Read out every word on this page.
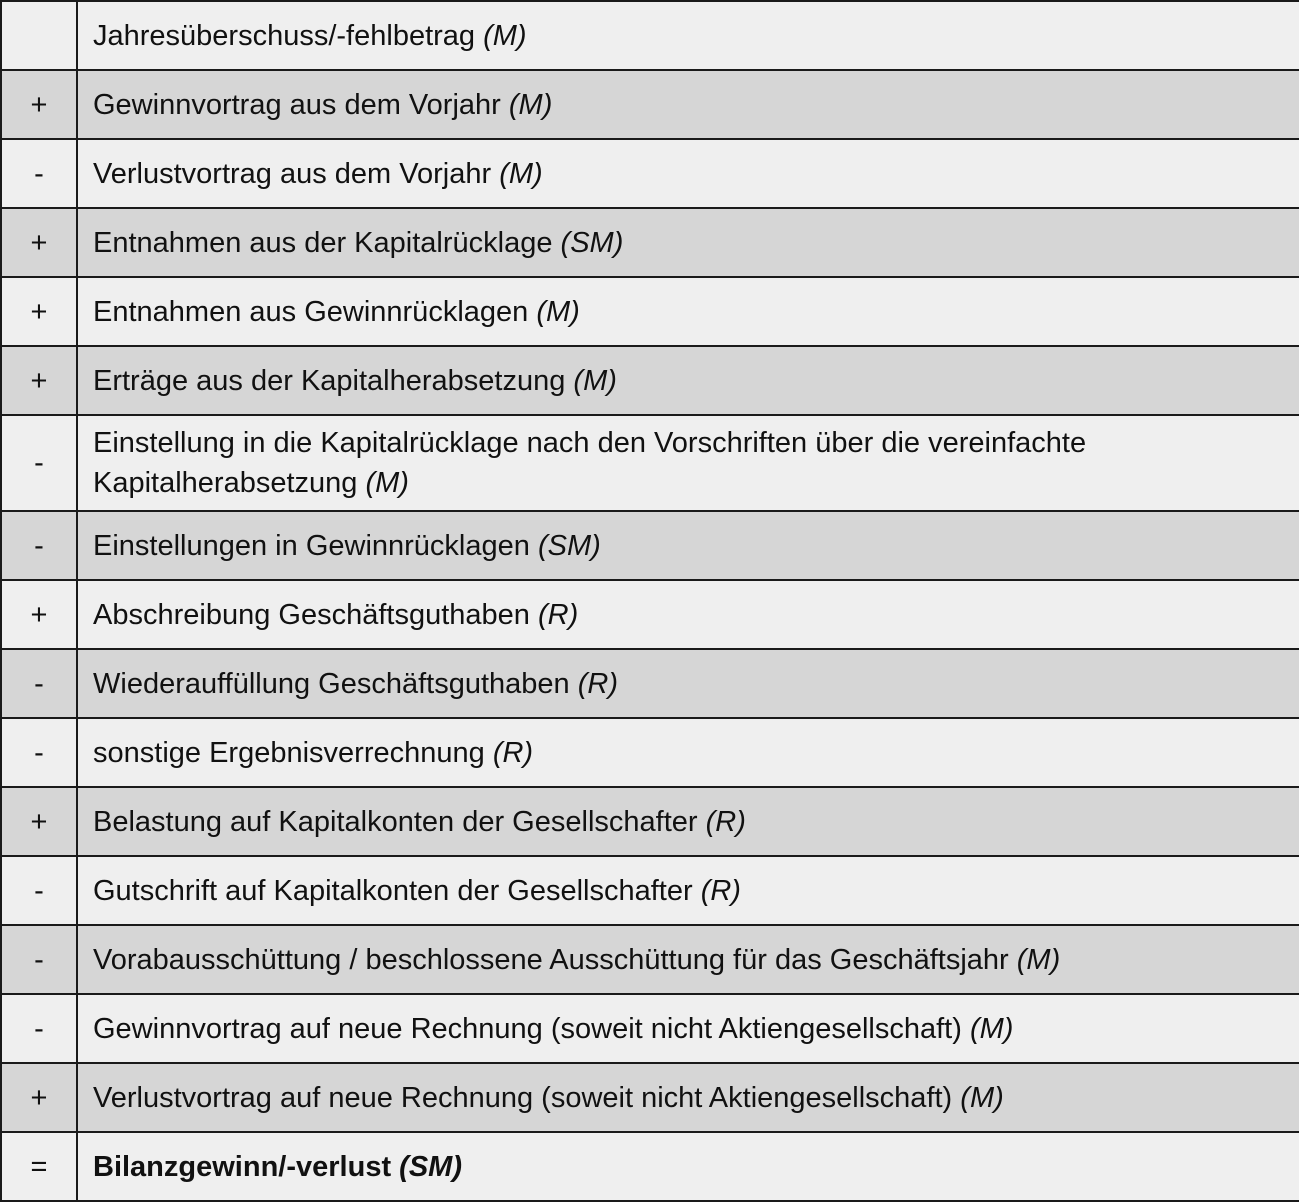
	Jahresüberschuss/-fehlbetrag (M)
+	Gewinnvortrag aus dem Vorjahr (M)
-	Verlustvortrag aus dem Vorjahr (M)
+	Entnahmen aus der Kapitalrücklage (SM)
+	Entnahmen aus Gewinnrücklagen (M)
+	Erträge aus der Kapitalherabsetzung (M)
-	Einstellung in die Kapitalrücklage nach den Vorschriften über die vereinfachte Kapitalherabsetzung (M)
-	Einstellungen in Gewinnrücklagen (SM)
+	Abschreibung Geschäftsguthaben (R)
-	Wiederauffüllung Geschäftsguthaben (R)
-	sonstige Ergebnisverrechnung (R)
+	Belastung auf Kapitalkonten der Gesellschafter (R)
-	Gutschrift auf Kapitalkonten der Gesellschafter (R)
-	Vorabausschüttung / beschlossene Ausschüttung für das Geschäftsjahr (M)
-	Gewinnvortrag auf neue Rechnung (soweit nicht Aktiengesellschaft) (M)
+	Verlustvortrag auf neue Rechnung (soweit nicht Aktiengesellschaft) (M)
=	Bilanzgewinn/-verlust (SM)
